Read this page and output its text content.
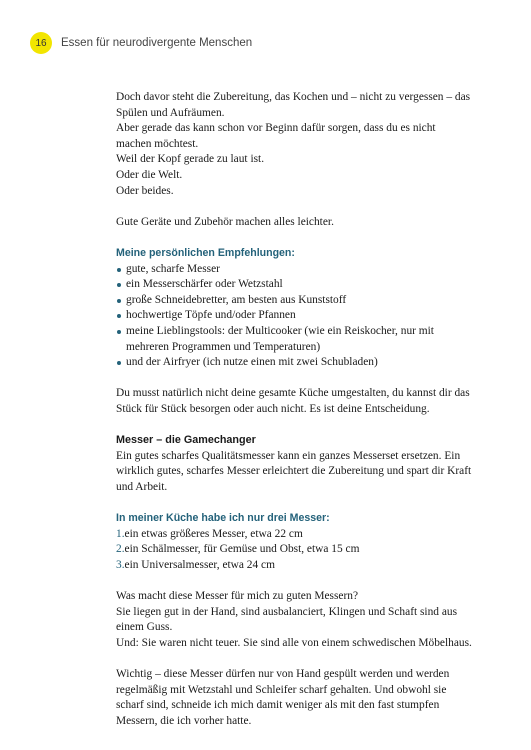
16 Essen für neurodivergente Menschen

Doch davor steht die Zubereitung, das Kochen und – nicht zu vergessen – das Spülen und Aufräumen.

Aber gerade das kann schon vor Beginn dafür sorgen, dass du es nicht machen möchtest.

Weil der Kopf gerade zu laut ist.

Oder die Welt.

Oder beides.

Gute Geräte und Zubehör machen alles leichter.

Meine persönlichen Empfehlungen:
gute, scharfe Messer
ein Messerschärfer oder Wetzstahl
große Schneidebretter, am besten aus Kunststoff
hochwertige Töpfe und/oder Pfannen
meine Lieblingstools: der Multicooker (wie ein Reiskocher, nur mit mehreren Programmen und Temperaturen)
und der Airfryer (ich nutze einen mit zwei Schubladen)

Du musst natürlich nicht deine gesamte Küche umgestalten, du kannst dir das Stück für Stück besorgen oder auch nicht. Es ist deine Entscheidung.

Messer – die Gamechanger

Ein gutes scharfes Qualitätsmesser kann ein ganzes Messerset ersetzen. Ein wirklich gutes, scharfes Messer erleichtert die Zubereitung und spart dir Kraft und Arbeit.

In meiner Küche habe ich nur drei Messer:
1.ein etwas größeres Messer, etwa 22 cm
2.ein Schälmesser, für Gemüse und Obst, etwa 15 cm
3.ein Universalmesser, etwa 24 cm

Was macht diese Messer für mich zu guten Messern?

Sie liegen gut in der Hand, sind ausbalanciert, Klingen und Schaft sind aus einem Guss.

Und: Sie waren nicht teuer. Sie sind alle von einem schwedischen Möbelhaus.

Wichtig – diese Messer dürfen nur von Hand gespült werden und werden regelmäßig mit Wetzstahl und Schleifer scharf gehalten. Und obwohl sie scharf sind, schneide ich mich damit weniger als mit den fast stumpfen Messern, die ich vorher hatte.
